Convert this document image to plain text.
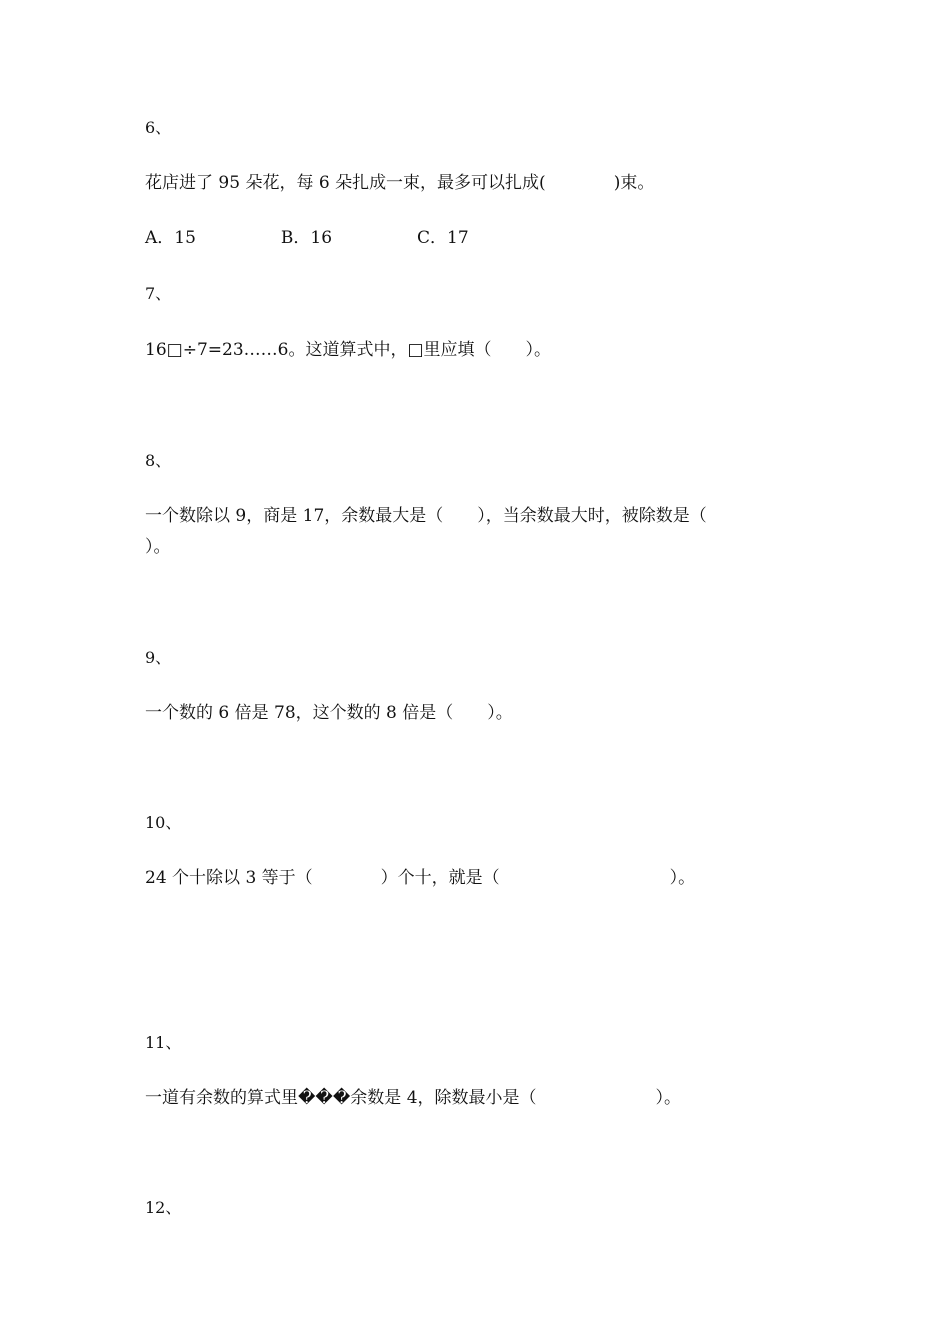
6、

花店进了 95 朵花，每 6 朵扎成一束，最多可以扎成(　　　　)束。

A．15　　　　　B．16　　　　　C．17

7、

16□÷7=23……6。这道算式中，□里应填（　　）。

8、

一个数除以 9，商是 17，余数最大是（　　），当余数最大时，被除数是（

）。

9、

一个数的 6 倍是 78，这个数的 8 倍是（　　）。

10、

24 个十除以 3 等于（　　　　）个十，就是（　　　　　　　　　　）。

11、

一道有余数的算式里���余数是 4，除数最小是（　　　　　　　）。

12、
